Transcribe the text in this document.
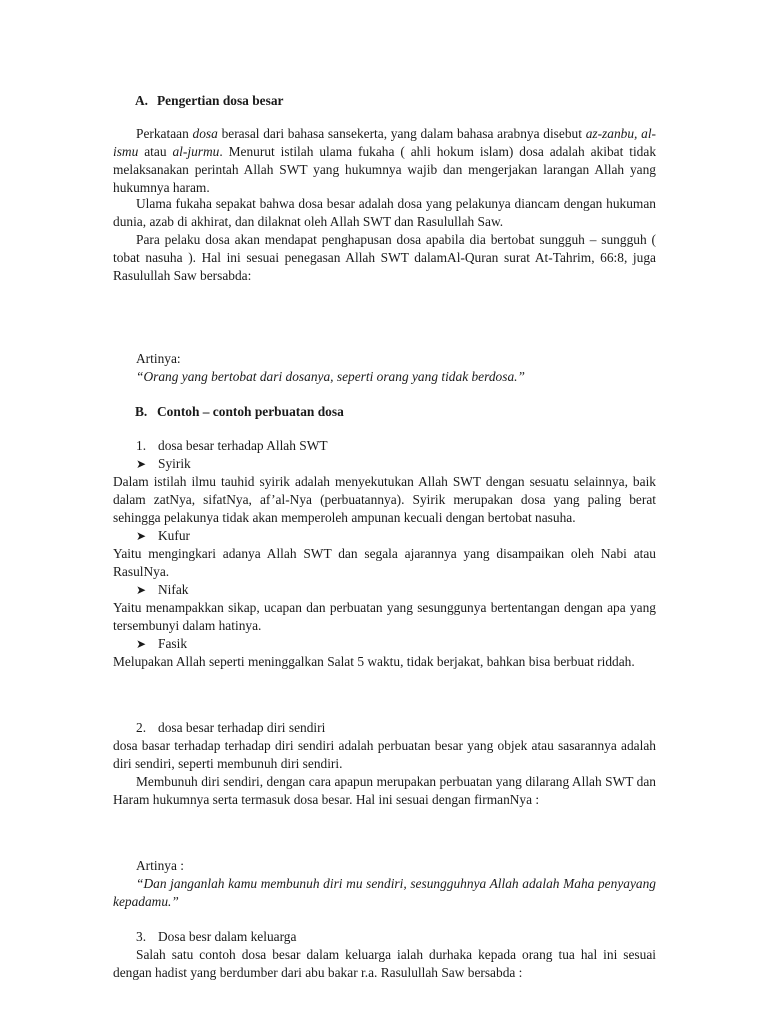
A. Pengertian dosa besar

Perkataan dosa berasal dari bahasa sansekerta, yang dalam bahasa arabnya disebut az-zanbu, al-ismu atau al-jurmu. Menurut istilah ulama fukaha ( ahli hokum islam) dosa adalah akibat tidak melaksanakan perintah Allah SWT yang hukumnya wajib dan mengerjakan larangan Allah yang hukumnya haram.

Ulama fukaha sepakat bahwa dosa besar adalah dosa yang pelakunya diancam dengan hukuman dunia, azab di akhirat, dan dilaknat oleh Allah SWT dan Rasulullah Saw.

Para pelaku dosa akan mendapat penghapusan dosa apabila dia bertobat sungguh – sungguh ( tobat nasuha ). Hal ini sesuai penegasan Allah SWT dalamAl-Quran surat At-Tahrim, 66:8, juga Rasulullah Saw bersabda:

Artinya:

“Orang yang bertobat dari dosanya, seperti orang yang tidak berdosa.”

B. Contoh – contoh perbuatan dosa

1. dosa besar terhadap Allah SWT

➤ Syirik

Dalam istilah ilmu tauhid syirik adalah menyekutukan Allah SWT dengan sesuatu selainnya, baik dalam zatNya, sifatNya, af’al-Nya (perbuatannya). Syirik merupakan dosa yang paling berat sehingga pelakunya tidak akan memperoleh ampunan kecuali dengan bertobat nasuha.

➤ Kufur

Yaitu mengingkari adanya Allah SWT dan segala ajarannya yang disampaikan oleh Nabi atau RasulNya.

➤ Nifak

Yaitu menampakkan sikap, ucapan dan perbuatan yang sesunggunya bertentangan dengan apa yang tersembunyi dalam hatinya.

➤ Fasik

Melupakan Allah seperti meninggalkan Salat 5 waktu, tidak berjakat, bahkan bisa berbuat riddah.

2. dosa besar terhadap diri sendiri

dosa basar terhadap terhadap diri sendiri adalah perbuatan besar yang objek atau sasarannya adalah diri sendiri, seperti membunuh diri sendiri.

Membunuh diri sendiri, dengan cara apapun merupakan perbuatan yang dilarang Allah SWT dan Haram hukumnya serta termasuk dosa besar. Hal ini sesuai dengan firmanNya :

Artinya :

“Dan janganlah kamu membunuh diri mu sendiri, sesungguhnya Allah adalah Maha penyayang kepadamu.”

3. Dosa besr dalam keluarga

Salah satu contoh dosa besar dalam keluarga ialah durhaka kepada orang tua hal ini sesuai dengan hadist yang berdumber dari abu bakar r.a. Rasulullah Saw bersabda :
